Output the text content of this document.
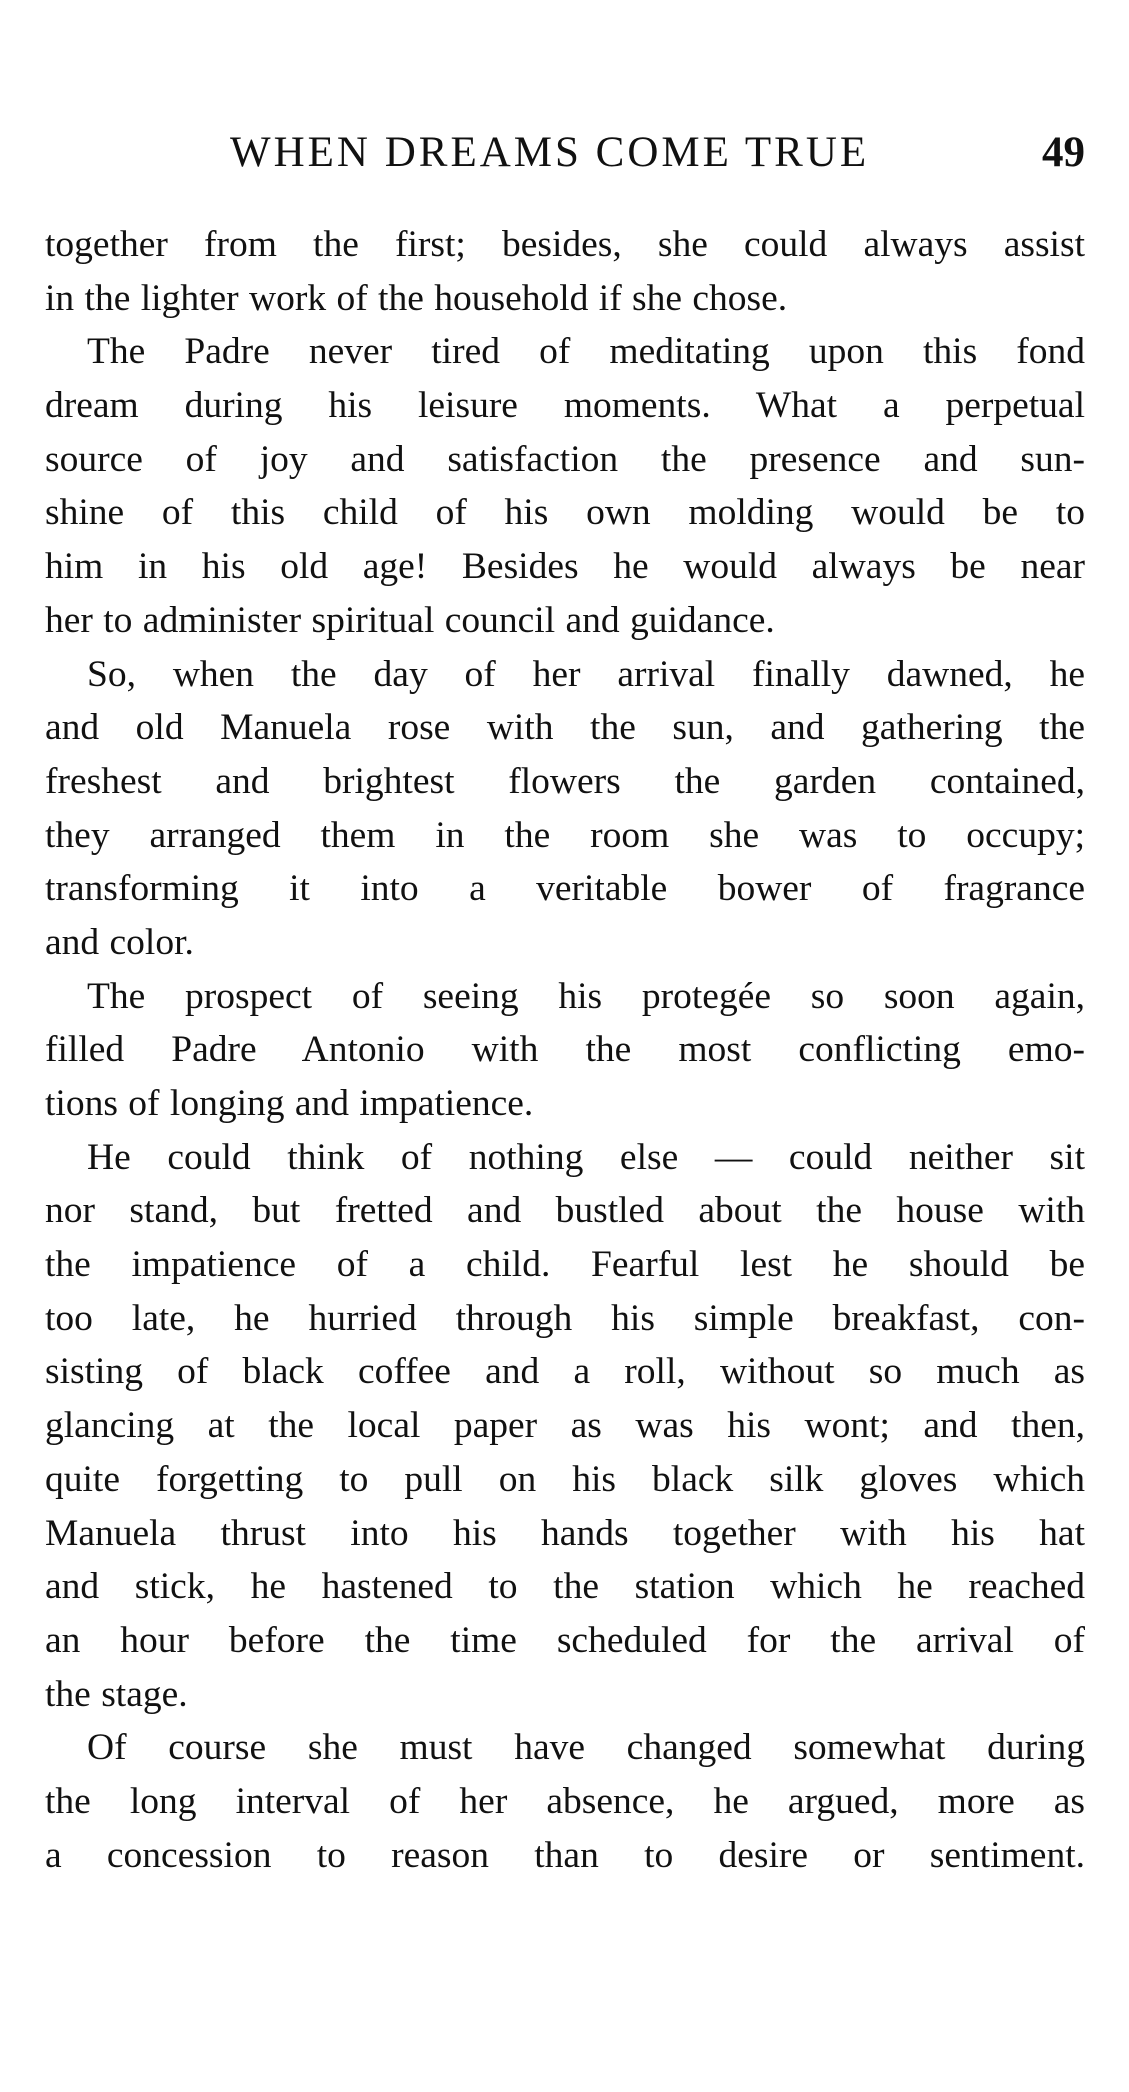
WHEN DREAMS COME TRUE	49
together from the first; besides, she could always assist
in the lighter work of the household if she chose.
The Padre never tired of meditating upon this fond
dream during his leisure moments. What a perpetual
source of joy and satisfaction the presence and sun-
shine of this child of his own molding would be to
him in his old age! Besides he would always be near
her to administer spiritual council and guidance.
So, when the day of her arrival finally dawned, he
and old Manuela rose with the sun, and gathering the
freshest and brightest flowers the garden contained,
they arranged them in the room she was to occupy;
transforming it into a veritable bower of fragrance
and color.
The prospect of seeing his protegée so soon again,
filled Padre Antonio with the most conflicting emo-
tions of longing and impatience.
He could think of nothing else — could neither sit
nor stand, but fretted and bustled about the house with
the impatience of a child. Fearful lest he should be
too late, he hurried through his simple breakfast, con-
sisting of black coffee and a roll, without so much as
glancing at the local paper as was his wont; and then,
quite forgetting to pull on his black silk gloves which
Manuela thrust into his hands together with his hat
and stick, he hastened to the station which he reached
an hour before the time scheduled for the arrival of
the stage.
Of course she must have changed somewhat during
the long interval of her absence, he argued, more as
a concession to reason than to desire or sentiment.
